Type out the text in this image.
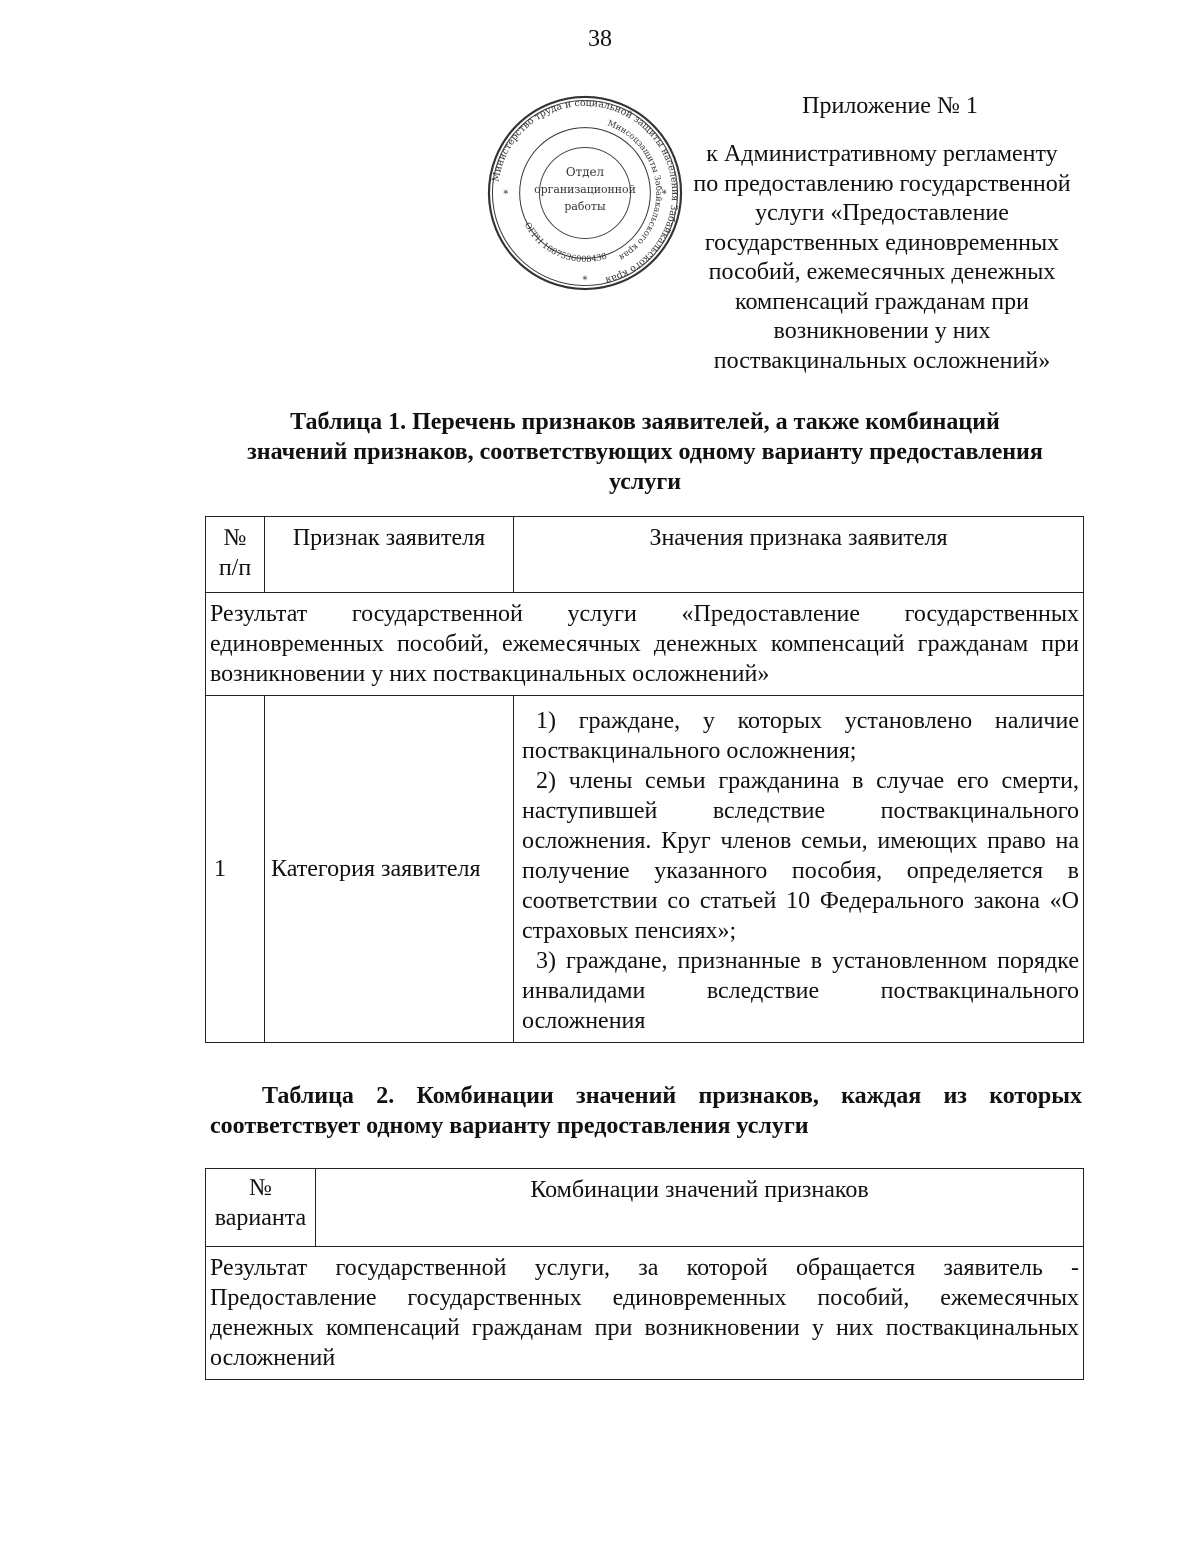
38
Министерство труда и социальной защиты населения Забайкальского края
Минсоцзащиты Забайкальского края
ОГРН 1087536008438
Отдел
организационной
работы
*	*
*
Приложение № 1
к Административному регламенту
по предоставлению государственной
услуги «Предоставление
государственных единовременных
пособий, ежемесячных денежных
компенсаций гражданам при
возникновении у них
поствакцинальных осложнений»
Таблица 1. Перечень признаков заявителей, а также комбинаций
значений признаков, соответствующих одному варианту предоставления
услуги
№
п/п	Признак заявителя	Значения признака заявителя
Результат государственной услуги «Предоставление государственных единовременных пособий, ежемесячных денежных компенсаций гражданам при возникновении у них поствакцинальных осложнений»		
1	Категория заявителя	1) граждане, у которых установлено наличие поствакцинального осложнения;
2) члены семьи гражданина в случае его смерти, наступившей вследствие поствакцинального осложнения. Круг членов семьи, имеющих право на получение указанного пособия, определяется в соответствии со статьей 10 Федерального закона «О страховых пенсиях»;
3) граждане, признанные в установленном порядке инвалидами вследствие поствакцинального осложнения
Таблица 2. Комбинации значений признаков, каждая из которых соответствует одному варианту предоставления услуги
№
варианта
	Комбинации значений признаков
Результат государственной услуги, за которой обращается заявитель - Предоставление государственных единовременных пособий, ежемесячных денежных компенсаций гражданам при возникновении у них поствакцинальных осложнений
